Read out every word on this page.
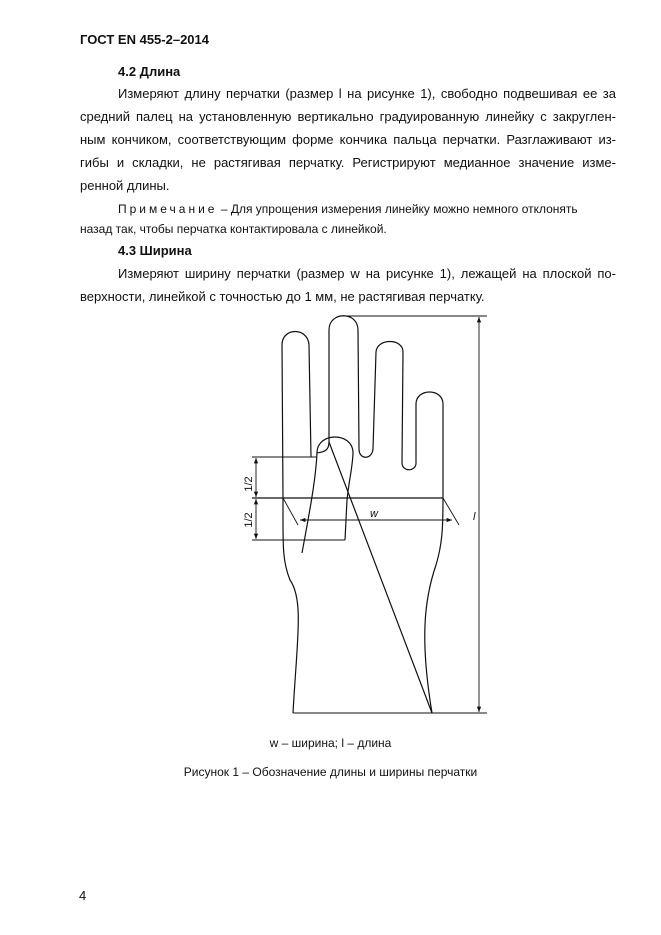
ГОСТ EN 455-2–2014
4.2 Длина
Измеряют длину перчатки (размер l на рисунке 1), свободно подвешивая ее за
средний палец на установленную вертикально градуированную линейку с закруглен-
ным кончиком, соответствующим форме кончика пальца перчатки. Разглаживают из-
гибы и складки, не растягивая перчатку. Регистрируют медианное значение изме-
ренной длины.
Примечание – Для упрощения измерения линейку можно немного отклонять
назад так, чтобы перчатка контактировала с линейкой.
4.3 Ширина
Измеряют ширину перчатки (размер w на рисунке 1), лежащей на плоской по-
верхности, линейкой с точностью до 1 мм, не растягивая перчатку.
1/2
1/2	w	l
w – ширина; l – длина
Рисунок 1 – Обозначение длины и ширины перчатки
4
